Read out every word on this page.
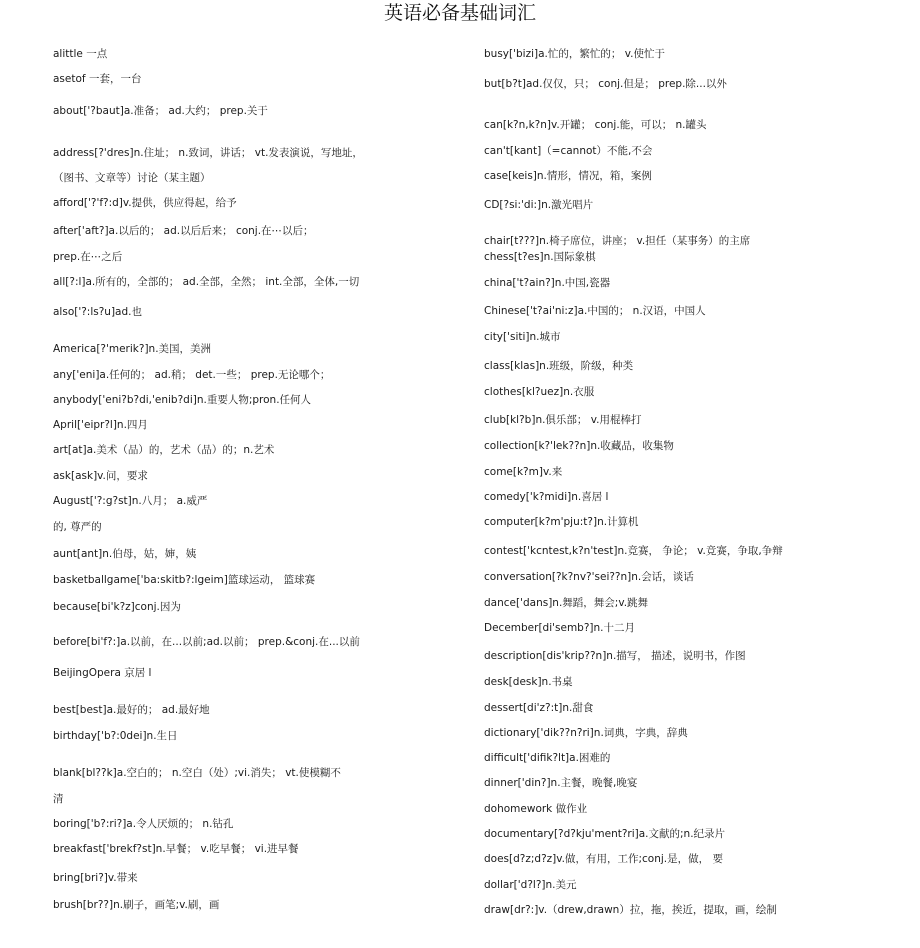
英语必备基础词汇
alittle 一点
asetof 一套，一台
about['?baut]a.准备； ad.大约； prep.关于
address[?'dres]n.住址； n.致词，讲话； vt.发表演说，写地址，
（图书、文章等）讨论（某主题）
afford['?'f?:d]v.提供，供应得起，给予
after['aft?]a.以后的； ad.以后后来； conj.在⋯以后；
prep.在⋯之后
all[?:l]a.所有的，全部的； ad.全部，全然； int.全部，全体,一切
also['?:ls?u]ad.也
America[?'merik?]n.美国，美洲
any['eni]a.任何的； ad.稍； det.一些； prep.无论哪个；
anybody['eni?b?di,'enib?di]n.重要人物;pron.任何人
April['eipr?l]n.四月
art[at]a.美术（品）的，艺术（品）的；n.艺术
ask[ask]v.问，要求
August['?:g?st]n.八月； a.威严
的, 尊严的
aunt[ant]n.伯母，姑，婶，姨
basketballgame['ba:skitb?:lgeim]篮球运动， 篮球赛
because[bi'k?z]conj.因为
before[bi'f?:]a.以前，在...以前;ad.以前； prep.&conj.在...以前
BeijingOpera 京居 l
best[best]a.最好的； ad.最好地
birthday['b?:0dei]n.生日
blank[bl??k]a.空白的； n.空白（处）;vi.消失； vt.使模糊不
清
boring['b?:ri?]a.令人厌烦的； n.钻孔
breakfast['brekf?st]n.早餐； v.吃早餐； vi.进早餐
bring[bri?]v.带来
brush[br??]n.刷子，画笔;v.刷，画
busy['bizi]a.忙的，繁忙的； v.使忙于
but[b?t]ad.仅仅，只； conj.但是； prep.除...以外
can[k?n,k?n]v.开罐； conj.能，可以； n.罐头
can't[kant]（=cannot）不能,不会
case[keis]n.情形，情况，箱，案例
CD[?si:'di:]n.激光唱片
chair[t???]n.椅子席位，讲座； v.担任（某事务）的主席
chess[t?es]n.国际象棋
china['t?ain?]n.中国,瓷器
Chinese['t?ai'ni:z]a.中国的； n.汉语，中国人
city['siti]n.城市
class[klas]n.班级，阶级，种类
clothes[kl?uez]n.衣服
club[kl?b]n.俱乐部； v.用棍棒打
collection[k?'lek??n]n.收藏品，收集物
come[k?m]v.来
comedy['k?midi]n.喜居 l
computer[k?m'pju:t?]n.计算机
contest['kcntest,k?n'test]n.竞赛， 争论； v.竞赛，争取,争辩
conversation[?k?nv?'sei??n]n.会话，谈话
dance['dans]n.舞蹈，舞会;v.跳舞
December[di'semb?]n.十二月
description[dis'krip??n]n.描写， 描述，说明书，作图
desk[desk]n.书桌
dessert[di'z?:t]n.甜食
dictionary['dik??n?ri]n.词典，字典，辞典
difficult['difik?lt]a.困难的
dinner['din?]n.主餐，晚餐,晚宴
dohomework 做作业
documentary[?d?kju'ment?ri]a.文献的;n.纪录片
does[d?z;d?z]v.做，有用，工作;conj.是，做， 要
dollar['d?l?]n.美元
draw[dr?:]v.（drew,drawn）拉，拖，挨近，提取，画，绘制
